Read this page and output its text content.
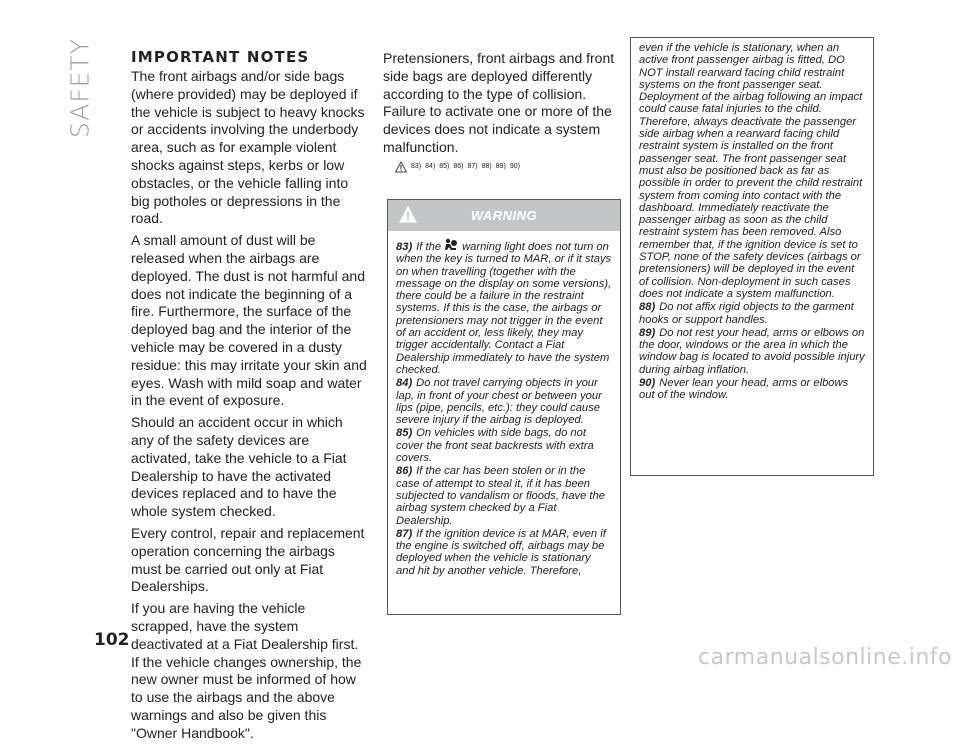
SAFETY IMPORTANT NOTES

The front airbags and/or side bags (where provided) may be deployed if the vehicle is subject to heavy knocks or accidents involving the underbody area, such as for example violent shocks against steps, kerbs or low obstacles, or the vehicle falling into big potholes or depressions in the road.

A small amount of dust will be released when the airbags are deployed. The dust is not harmful and does not indicate the beginning of a fire. Furthermore, the surface of the deployed bag and the interior of the vehicle may be covered in a dusty residue: this may irritate your skin and eyes. Wash with mild soap and water in the event of exposure.

Should an accident occur in which any of the safety devices are activated, take the vehicle to a Fiat Dealership to have the activated devices replaced and to have the whole system checked.

Every control, repair and replacement operation concerning the airbags must be carried out only at Fiat Dealerships.

If you are having the vehicle scrapped, have the system deactivated at a Fiat Dealership first. If the vehicle changes ownership, the new owner must be informed of how to use the airbags and the above warnings and also be given this "Owner Handbook".

Pretensioners, front airbags and front side bags are deployed differently according to the type of collision. Failure to activate one or more of the devices does not indicate a system malfunction.

83) 84) 85) 86) 87) 88) 89) 90)
WARNING

83) If the warning light does not turn on when the key is turned to MAR, or if it stays on when travelling (together with the message on the display on some versions), there could be a failure in the restraint systems. If this is the case, the airbags or pretensioners may not trigger in the event of an accident or, less likely, they may trigger accidentally. Contact a Fiat Dealership immediately to have the system checked.

84) Do not travel carrying objects in your lap, in front of your chest or between your lips (pipe, pencils, etc.): they could cause severe injury if the airbag is deployed.

85) On vehicles with side bags, do not cover the front seat backrests with extra covers.

86) If the car has been stolen or in the case of attempt to steal it, if it has been subjected to vandalism or floods, have the airbag system checked by a Fiat Dealership.

87) If the ignition device is at MAR, even if the engine is switched off, airbags may be deployed when the vehicle is stationary and hit by another vehicle. Therefore,

even if the vehicle is stationary, when an active front passenger airbag is fitted, DO NOT install rearward facing child restraint systems on the front passenger seat. Deployment of the airbag following an impact could cause fatal injuries to the child. Therefore, always deactivate the passenger side airbag when a rearward facing child restraint system is installed on the front passenger seat. The front passenger seat must also be positioned back as far as possible in order to prevent the child restraint system from coming into contact with the dashboard. Immediately reactivate the passenger airbag as soon as the child restraint system has been removed. Also remember that, if the ignition device is set to STOP, none of the safety devices (airbags or pretensioners) will be deployed in the event of collision. Non-deployment in such cases does not indicate a system malfunction.

88) Do not affix rigid objects to the garment hooks or support handles.

89) Do not rest your head, arms or elbows on the door, windows or the area in which the window bag is located to avoid possible injury during airbag inflation.

90) Never lean your head, arms or elbows out of the window.

102
carmanualsonline.info
